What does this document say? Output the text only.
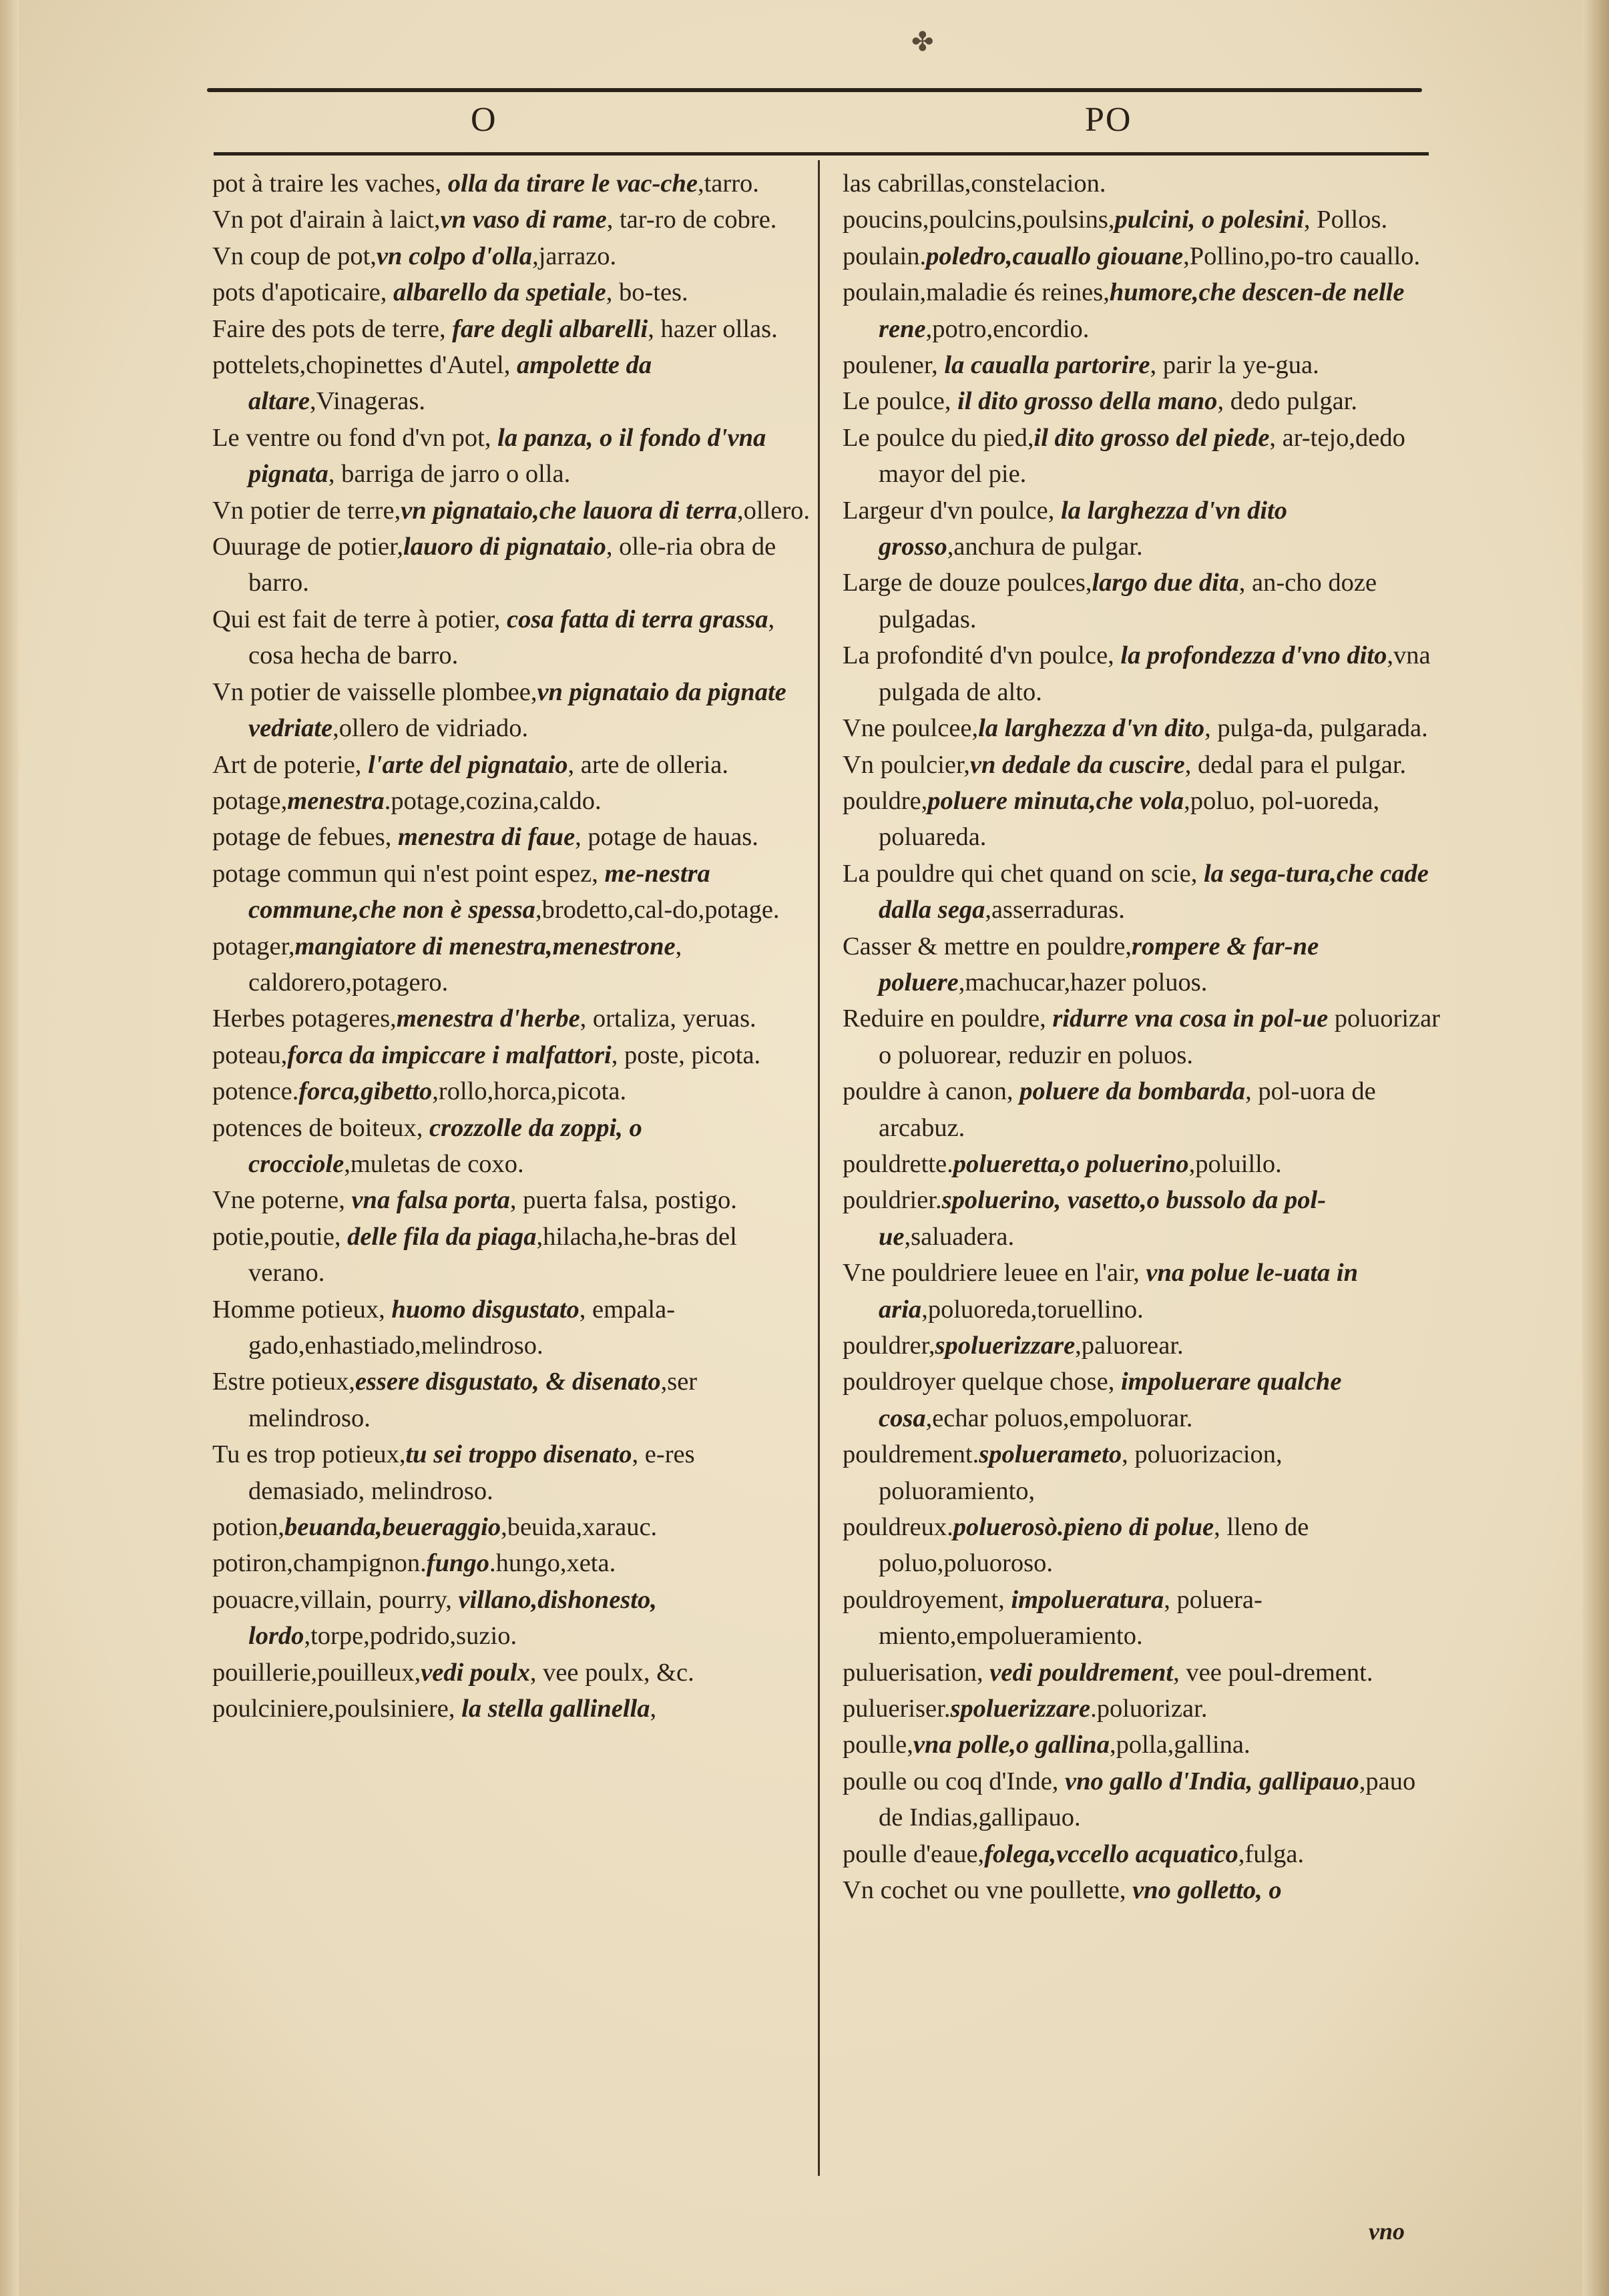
✤
O	PO

pot à traire les vaches, olla da tirare le vac-che,tarro.

Vn pot d'airain à laict,vn vaso di rame, tar-ro de cobre.

Vn coup de pot,vn colpo d'olla,jarrazo.

pots d'apoticaire, albarello da spetiale, bo-tes.

Faire des pots de terre, fare degli albarelli, hazer ollas.

pottelets,chopinettes d'Autel, ampolette da altare,Vinageras.

Le ventre ou fond d'vn pot, la panza, o il fondo d'vna pignata, barriga de jarro o olla.

Vn potier de terre,vn pignataio,che lauora di terra,ollero.

Ouurage de potier,lauoro di pignataio, olle-ria obra de barro.

Qui est fait de terre à potier, cosa fatta di terra grassa, cosa hecha de barro.

Vn potier de vaisselle plombee,vn pignataio da pignate vedriate,ollero de vidriado.

Art de poterie, l'arte del pignataio, arte de olleria.

potage,menestra.potage,cozina,caldo.

potage de febues, menestra di faue, potage de hauas.

potage commun qui n'est point espez, me-nestra commune,che non è spessa,brodetto,cal-do,potage.

potager,mangiatore di menestra,menestrone, caldorero,potagero.

Herbes potageres,menestra d'herbe, ortaliza, yeruas.

poteau,forca da impiccare i malfattori, poste, picota.

potence.forca,gibetto,rollo,horca,picota.

potences de boiteux, crozzolle da zoppi, o crocciole,muletas de coxo.

Vne poterne, vna falsa porta, puerta falsa, postigo.

potie,poutie, delle fila da piaga,hilacha,he-bras del verano.

Homme potieux, huomo disgustato, empala-gado,enhastiado,melindroso.

Estre potieux,essere disgustato, & disenato,ser melindroso.

Tu es trop potieux,tu sei troppo disenato, e-res demasiado, melindroso.

potion,beuanda,beueraggio,beuida,xarauc.

potiron,champignon.fungo.hungo,xeta.

pouacre,villain, pourry, villano,dishonesto, lordo,torpe,podrido,suzio.

pouillerie,pouilleux,vedi poulx, vee poulx, &c.

poulciniere,poulsiniere, la stella gallinella,

las cabrillas,constelacion.

poucins,poulcins,poulsins,pulcini, o polesini, Pollos.

poulain.poledro,cauallo giouane,Pollino,po-tro cauallo.

poulain,maladie és reines,humore,che descen-de nelle rene,potro,encordio.

poulener, la caualla partorire, parir la ye-gua.

Le poulce, il dito grosso della mano, dedo pulgar.

Le poulce du pied,il dito grosso del piede, ar-tejo,dedo mayor del pie.

Largeur d'vn poulce, la larghezza d'vn dito grosso,anchura de pulgar.

Large de douze poulces,largo due dita, an-cho doze pulgadas.

La profondité d'vn poulce, la profondezza d'vno dito,vna pulgada de alto.

Vne poulcee,la larghezza d'vn dito, pulga-da, pulgarada.

Vn poulcier,vn dedale da cuscire, dedal para el pulgar.

pouldre,poluere minuta,che vola,poluo, pol-uoreda, poluareda.

La pouldre qui chet quand on scie, la sega-tura,che cade dalla sega,asserraduras.

Casser & mettre en pouldre,rompere & far-ne poluere,machucar,hazer poluos.

Reduire en pouldre, ridurre vna cosa in pol-ue poluorizar o poluorear, reduzir en poluos.

pouldre à canon, poluere da bombarda, pol-uora de arcabuz.

pouldrette.polueretta,o poluerino,poluillo.

pouldrier.spoluerino, vasetto,o bussolo da pol-ue,saluadera.

Vne pouldriere leuee en l'air, vna polue le-uata in aria,poluoreda,toruellino.

pouldrer,spoluerizzare,paluorear.

pouldroyer quelque chose, impoluerare qualche cosa,echar poluos,empoluorar.

pouldrement.spoluerameto, poluorizacion, poluoramiento,

pouldreux.poluerosò.pieno di polue, lleno de poluo,poluoroso.

pouldroyement, impolueratura, poluera-miento,empolueramiento.

puluerisation, vedi pouldrement, vee poul-drement.

pulueriser.spoluerizzare.poluorizar.

poulle,vna polle,o gallina,polla,gallina.

poulle ou coq d'Inde, vno gallo d'India, gallipauo,pauo de Indias,gallipauo.

poulle d'eaue,folega,vccello acquatico,fulga.

Vn cochet ou vne poullette, vno golletto, o

vno
